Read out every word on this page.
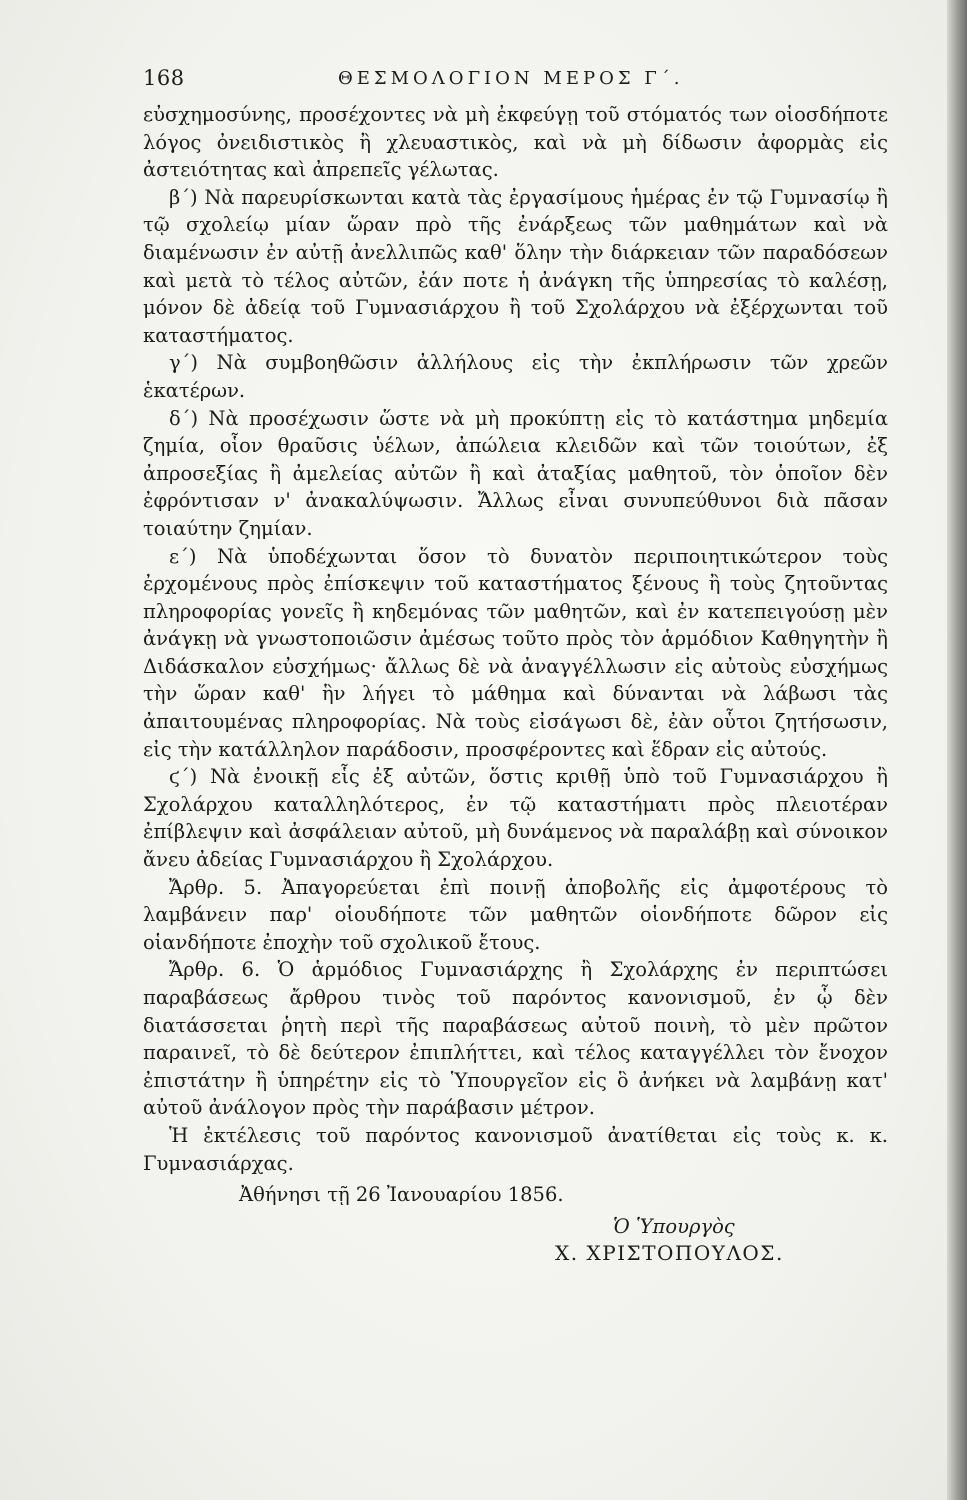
168	ΘΕΣΜΟΛΟΓΙΟΝ ΜΕΡΟΣ Γ΄.

εὐσχημοσύνης, προσέχοντες νὰ μὴ ἐκφεύγῃ τοῦ στόματός των οἱοσδήποτε λόγος ὀνειδιστικὸς ἢ χλευαστικὸς, καὶ νὰ μὴ δίδωσιν ἀφορμὰς εἰς ἀστειότητας καὶ ἀπρεπεῖς γέλωτας.

β΄) Νὰ παρευρίσκωνται κατὰ τὰς ἐργασίμους ἡμέρας ἐν τῷ Γυμνασίῳ ἢ τῷ σχολείῳ μίαν ὥραν πρὸ τῆς ἐνάρξεως τῶν μαθημάτων καὶ νὰ διαμένωσιν ἐν αὐτῇ ἀνελλιπῶς καθ' ὅλην τὴν διάρκειαν τῶν παραδόσεων καὶ μετὰ τὸ τέλος αὐτῶν, ἐάν ποτε ἡ ἀνάγκη τῆς ὑπηρεσίας τὸ καλέσῃ, μόνον δὲ ἀδείᾳ τοῦ Γυμνασιάρχου ἢ τοῦ Σχολάρχου νὰ ἐξέρχωνται τοῦ καταστήματος.

γ΄) Νὰ συμβοηθῶσιν ἀλλήλους εἰς τὴν ἐκπλήρωσιν τῶν χρεῶν ἑκατέρων.

δ΄) Νὰ προσέχωσιν ὥστε νὰ μὴ προκύπτῃ εἰς τὸ κατάστημα μηδεμία ζημία, οἷον θραῦσις ὑέλων, ἀπώλεια κλειδῶν καὶ τῶν τοιούτων, ἐξ ἀπροσεξίας ἢ ἀμελείας αὐτῶν ἢ καὶ ἀταξίας μαθητοῦ, τὸν ὁποῖον δὲν ἐφρόντισαν ν' ἀνακαλύψωσιν. Ἄλλως εἶναι συνυπεύθυνοι διὰ πᾶσαν τοιαύτην ζημίαν.

ε΄) Νὰ ὑποδέχωνται ὅσον τὸ δυνατὸν περιποιητικώτερον τοὺς ἐρχομένους πρὸς ἐπίσκεψιν τοῦ καταστήματος ξένους ἢ τοὺς ζητοῦντας πληροφορίας γονεῖς ἢ κηδεμόνας τῶν μαθητῶν, καὶ ἐν κατεπειγούσῃ μὲν ἀνάγκῃ νὰ γνωστοποιῶσιν ἀμέσως τοῦτο πρὸς τὸν ἁρμόδιον Καθηγητὴν ἢ Διδάσκαλον εὐσχήμως· ἄλλως δὲ νὰ ἀναγγέλλωσιν εἰς αὐτοὺς εὐσχήμως τὴν ὥραν καθ' ἣν λήγει τὸ μάθημα καὶ δύνανται νὰ λάβωσι τὰς ἀπαιτουμένας πληροφορίας. Νὰ τοὺς εἰσάγωσι δὲ, ἐὰν οὗτοι ζητήσωσιν, εἰς τὴν κατάλληλον παράδοσιν, προσφέροντες καὶ ἕδραν εἰς αὐτούς.

ϛ΄) Νὰ ἐνοικῇ εἷς ἐξ αὐτῶν, ὅστις κριθῇ ὑπὸ τοῦ Γυμνασιάρχου ἢ Σχολάρχου καταλληλότερος, ἐν τῷ καταστήματι πρὸς πλειοτέραν ἐπίβλεψιν καὶ ἀσφάλειαν αὐτοῦ, μὴ δυνάμενος νὰ παραλάβῃ καὶ σύνοικον ἄνευ ἀδείας Γυμνασιάρχου ἢ Σχολάρχου.

Ἄρθρ. 5. Ἀπαγορεύεται ἐπὶ ποινῇ ἀποβολῆς εἰς ἀμφοτέρους τὸ λαμβάνειν παρ' οἱουδήποτε τῶν μαθητῶν οἱονδήποτε δῶρον εἰς οἱανδήποτε ἐποχὴν τοῦ σχολικοῦ ἔτους.

Ἄρθρ. 6. Ὁ ἁρμόδιος Γυμνασιάρχης ἢ Σχολάρχης ἐν περιπτώσει παραβάσεως ἄρθρου τινὸς τοῦ παρόντος κανονισμοῦ, ἐν ᾧ δὲν διατάσσεται ῥητὴ περὶ τῆς παραβάσεως αὐτοῦ ποινὴ, τὸ μὲν πρῶτον παραινεῖ, τὸ δὲ δεύτερον ἐπιπλήττει, καὶ τέλος καταγγέλλει τὸν ἔνοχον ἐπιστάτην ἢ ὑπηρέτην εἰς τὸ Ὑπουργεῖον εἰς ὃ ἀνήκει νὰ λαμβάνῃ κατ' αὐτοῦ ἀνάλογον πρὸς τὴν παράβασιν μέτρον.

Ἡ ἐκτέλεσις τοῦ παρόντος κανονισμοῦ ἀνατίθεται εἰς τοὺς κ. κ. Γυμνασιάρχας.

Ἀθήνησι τῇ 26 Ἰανουαρίου 1856.

Ὁ Ὑπουργὸς

Χ. ΧΡΙΣΤΟΠΟΥΛΟΣ.
